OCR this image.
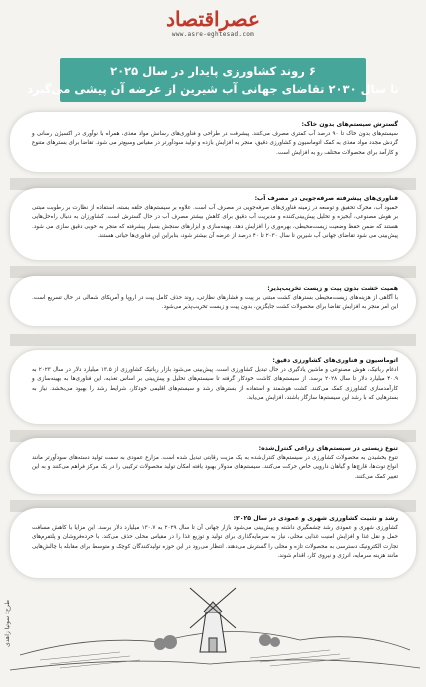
عصراقتصاد
www.asre-eghtesad.com
۶ روند کشاورزی پایدار در سال ۲۰۲۵
تا سال ۲۰۳۰ تقاضای جهانی آب شیرین از عرضه آن پیشی می‌گیرد
گسترش سیستم‌های بدون خاک:
سیستم‌های بدون خاک تا ۹۰ درصد آب کمتری مصرف می‌کنند. پیشرفت در طراحی و فناوری‌های رسانش مواد مغذی، همراه با نوآوری در اکسیژن رسانی و گردش مجدد مواد مغذی به کمک اتوماسیون و کشاورزی دقیق، منجر به افزایش بازده و تولید سودآورتر در مقیاس وسیع‌تر می شود. تقاضا برای بسترهای متنوع و کارآمد برای محصولات مختلف رو به افزایش است.
فناوری‌های پیشرفته صرفه‌جویی در مصرف آب:
خمبود آب، محرک تحقیق و توسعه در زمینه فناوری‌های صرفه‌جویی در مصرف آب است. علاوه بر سیستم‌های حلقه بسته، استفاده از نظارت بر رطوبت مبتنی بر هوش مصنوعی، آبخیزه و تحلیل پیش‌بینی‌کننده و مدیریت آب دقیق برای کاهش بیشتر مصرف آب در حال گسترش است. کشاورزان به دنبال راه‌حل‌هایی هستند که ضمن حفظ وضعیت زیست‌محیطی، بهره‌وری را افزایش دهد. بهینه‌سازی و ابزارهای سنجش بسیار پیشرفته که منجر به خوبی دقیق سازی می شود. پیش‌بینی می شود تقاضای جهانی آب شیرین تا سال ۲۰۳۰ تا ۴۰ درصد از عرضه آن بیشتر شود، بنابراین این فناوری‌ها حیاتی هستند.
همیت خشت بدون پیت و زیست تخریب‌پذیر:
با آگاهی از هزینه‌های زیست‌محیطی بسترهای کشت مبتنی بر پیت و فشارهای نظارتی، روند حذف کامل پیت در اروپا و آمریکای شمالی در حال تسریع است. این امر منجر به افزایش تقاضا برای محصولات کشت جایگزین، بدون پیت و زیست تخریب‌پذیر می‌شود.
اتوماسیون و فناوری‌های کشاورزی دقیق:
ادغام رباتیک، هوش مصنوعی و ماشین یادگیری در حال تبدیل کشاورزی است. پیش‌بینی می‌شود بازار رباتیک کشاورزی از ۱۳.۵ میلیارد دلار در سال ۲۰۲۳ به ۴۰.۹ میلیارد دلار تا سال ۲۰۲۸ برسد. از سیستم‌های کاشت خودکار گرفته تا سیستم‌های تحلیل و پیش‌بینی بر اساس تغذیه، این فناوری‌ها به بهینه‌سازی و کارآمدسازی کشاورزی کمک می‌کنند. کشت هوشمند و استفاده از بسترهای رشد و سیستم‌های اقلیمی خودکار، شرایط رشد را بهبود می‌بخشد. نیاز به بسترهایی که با رشد این سیستم‌ها سازگار باشند، افزایش می‌یابد.
تنوع زیستی در سیستم‌های زراعی کنترل‌شده:
تنوع بخشیدن به محصولات کشاورزی در سیستم‌های کنترل‌شده به یک مزیت رقابتی تبدیل شده است. مزارع عمودی به سمت تولید دسته‌های سودآورتر مانند انواع توت‌ها، قارچ‌ها و گیاهان دارویی خاص حرکت می‌کنند. سیستم‌های مدولار بهبود یافته امکان تولید محصولات ترکیبی را در یک مرکز فراهم می‌کنند و به این تغییر کمک می‌کنند.
رشد و تثبیت کشاورزی شهری و عمودی در سال ۲۰۲۵:
کشاورزی شهری و عمودی رشد چشمگیری داشته و پیش‌بینی می‌شود بازار جهانی آن تا سال ۲۰۲۹ به ۱۳۰.۷ میلیارد دلار برسد. این مزایا با کاهش مسافت حمل و نقل غذا و افزایش امنیت غذایی محلی، نیاز به سرمایه‌گذاری برای تولید و توزیع غذا را در مقیاس محلی حذف می‌کند. با خرده‌فروشان و پلتفرم‌های تجارت الکترونیک دسترسی به محصولات تازه و محلی را گسترش می‌دهند. انتظار می‌رود در این حوزه تولیدکنندگان کوچک و متوسط برای مقابله با چالش‌هایی مانند هزینه سرمایه، انرژی و نیروی کار، اقدام شوند.
طرح: سوتیا زاهدی
